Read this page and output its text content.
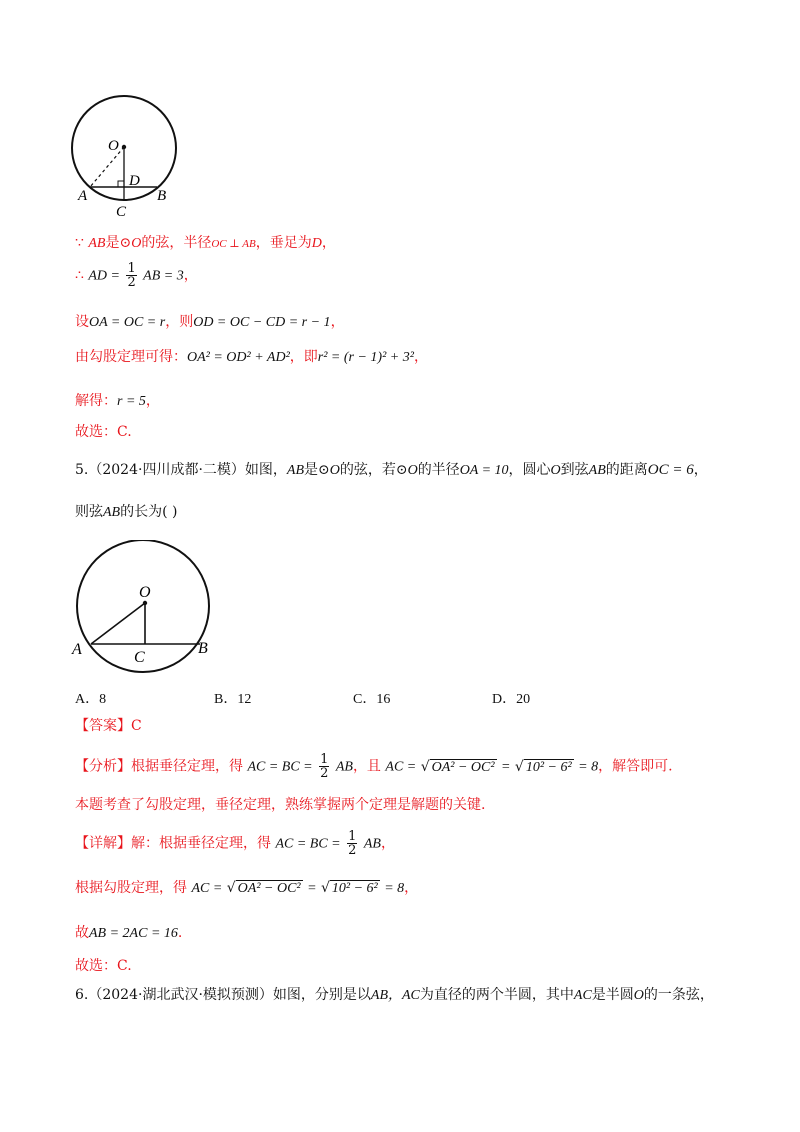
O
D
A	B
C
∵ AB是⊙O的弦，半径OC ⊥ AB，垂足为D，
∴ AD = $\frac{1}{2}$ AB = 3，
设OA = OC = r，则OD = OC − CD = r − 1，
由勾股定理可得：OA² = OD² + AD²，即r² = (r − 1)² + 3²，
解得：r = 5，
故选：C.
5.（2024·四川成都·二模）如图，AB是⊙O的弦，若⊙O的半径OA = 10，圆心O到弦AB的距离OC = 6，
则弦AB的长为( )
O
A	B
C
A．8	B．12	C．16	D．20
【答案】C
【分析】根据垂径定理，得 AC = BC = $\frac{1}{2}$ AB，且 AC = √ OA² − OC² = √ 10² − 6² = 8，解答即可.
本题考查了勾股定理，垂径定理，熟练掌握两个定理是解题的关键.
【详解】解：根据垂径定理，得 AC = BC = $\frac{1}{2}$ AB，
根据勾股定理，得 AC = √ OA² − OC² = √ 10² − 6² = 8，
故AB = 2AC = 16.
故选：C.
6.（2024·湖北武汉·模拟预测）如图，分别是以AB，AC为直径的两个半圆，其中AC是半圆O的一条弦，
